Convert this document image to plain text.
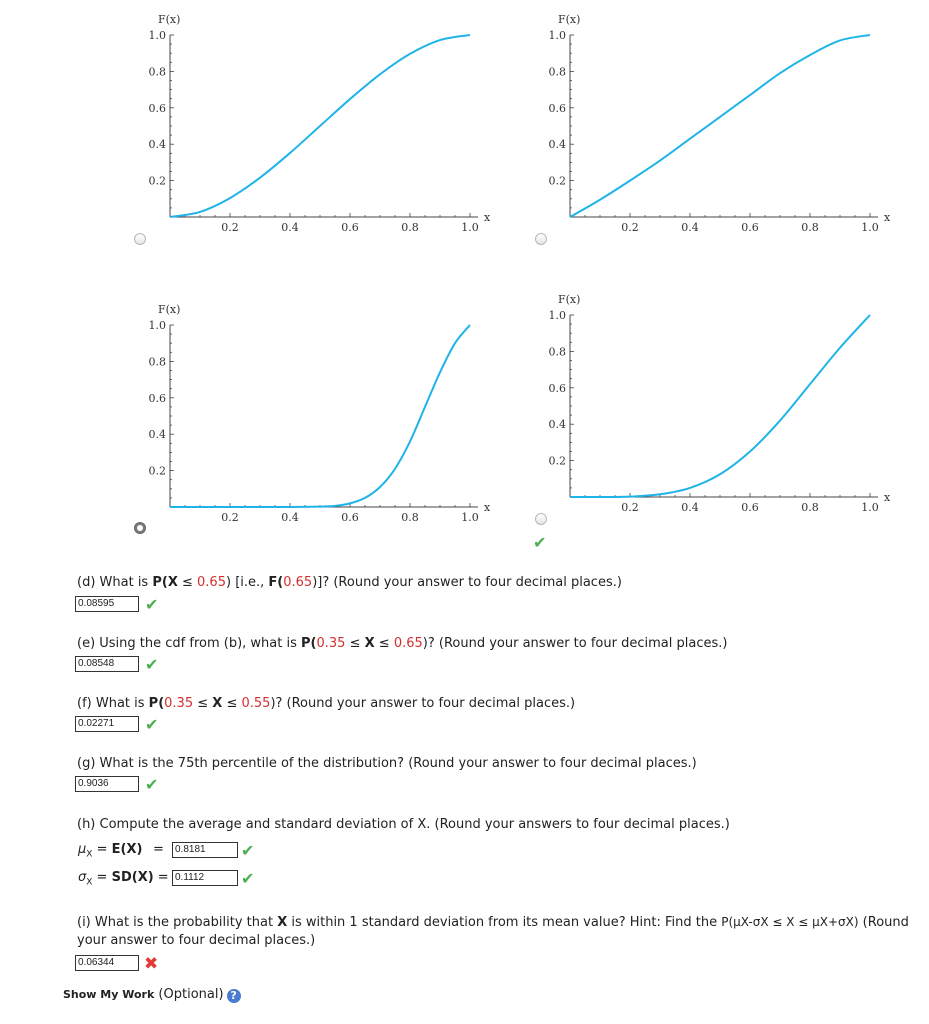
0.2	0.4	0.6	0.8	1.0
0.2
0.4
0.6
0.8
1.0
x
F(x)
0.2	0.4	0.6	0.8	1.0
0.2
0.4
0.6
0.8
1.0
x
F(x)
0.2	0.4	0.6	0.8	1.0
0.2
0.4
0.6
0.8
1.0
x
F(x)
0.2	0.4	0.6	0.8	1.0
0.2
0.4
0.6
0.8
1.0
x
F(x)
✔
(d) What is P(X ≤ 0.65) [i.e., F(0.65)]? (Round your answer to four decimal places.)
0.08595	✔
(e) Using the cdf from (b), what is P(0.35 ≤ X ≤ 0.65)? (Round your answer to four decimal places.)
0.08548	✔
(f) What is P(0.35 ≤ X ≤ 0.55)? (Round your answer to four decimal places.)
0.02271	✔
(g) What is the 75th percentile of the distribution? (Round your answer to four decimal places.)
0.9036	✔
(h) Compute the average and standard deviation of X. (Round your answers to four decimal places.)
$\mu_X = E(X)$ =	0.8181	✔
$\sigma_X = SD(X) = 0.1112$	✔
(i) What is the probability that X is within 1 standard deviation from its mean value? Hint: Find the P(μX-σX ≤ X ≤ μX+σX) (Round
your answer to four decimal places.)
0.06344	✖
Show My Work (Optional) ?
